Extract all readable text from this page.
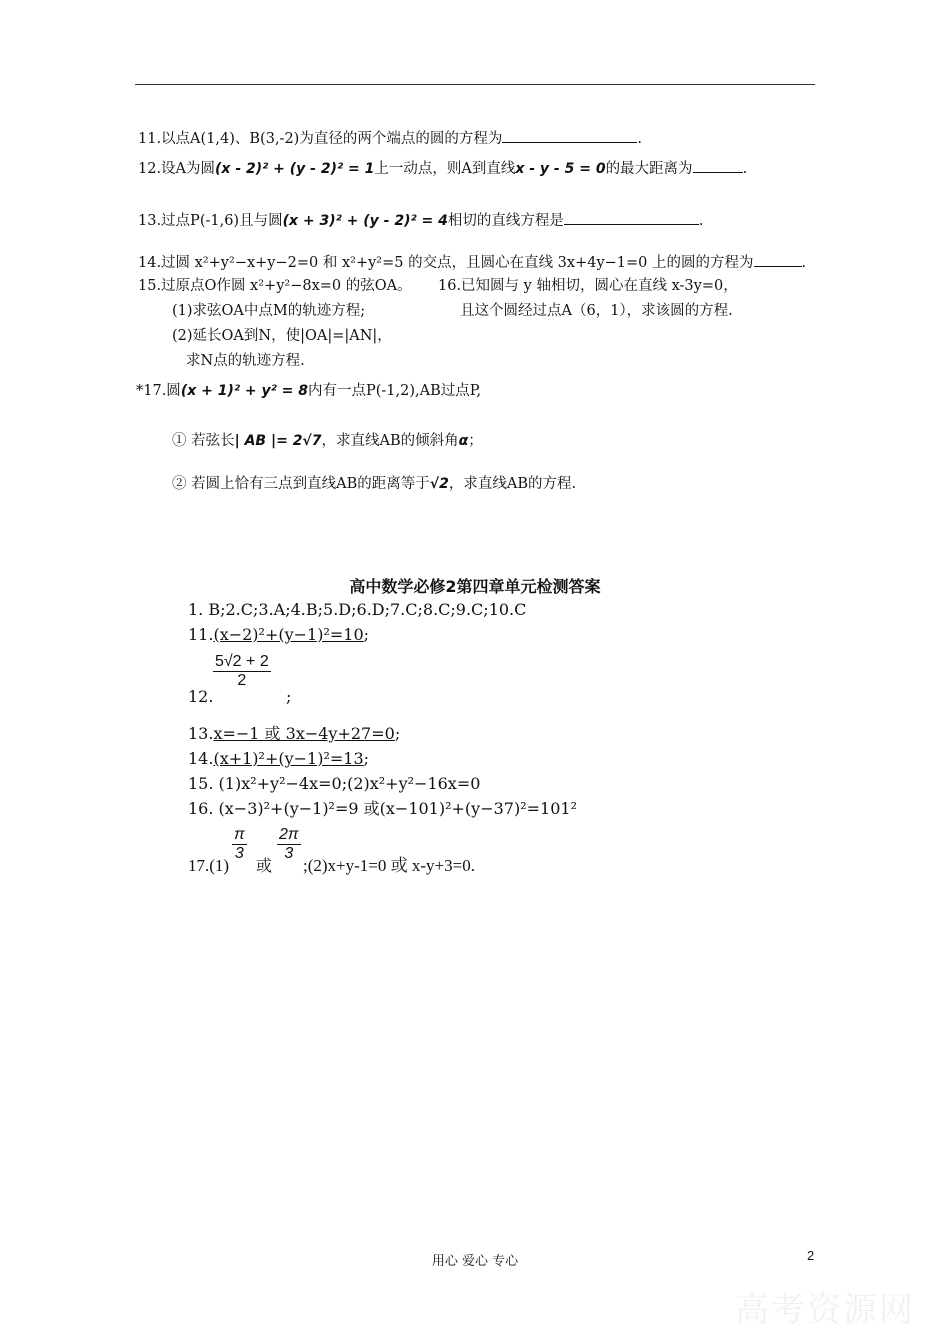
11.以点A(1,4)、B(3,-2)为直径的两个端点的圆的方程为	.
12.设A为圆(x - 2)² + (y - 2)² = 1上一动点，则A到直线x - y - 5 = 0的最大距离为	.
13.过点P(-1,6)且与圆(x + 3)² + (y - 2)² = 4相切的直线方程是	.
14.过圆 x²+y²−x+y−2=0 和 x²+y²=5 的交点，且圆心在直线 3x+4y−1=0 上的圆的方程为	.
15.过原点O作圆 x²+y²−8x=0 的弦OA。 16.已知圆与 y 轴相切，圆心在直线 x-3y=0，
(1)求弦OA中点M的轨迹方程;	且这个圆经过点A（6，1），求该圆的方程.
(2)延长OA到N，使|OA|=|AN|，
求N点的轨迹方程.
*17.圆(x + 1)² + y² = 8内有一点P(-1,2),AB过点P,
① 若弦长| AB |= 2√7，求直线AB的倾斜角α；
② 若圆上恰有三点到直线AB的距离等于√2，求直线AB的方程.
高中数学必修2第四章单元检测答案
1. B;2.C;3.A;4.B;5.D;6.D;7.C;8.C;9.C;10.C
11.(x−2)²+(y−1)²=10;
5√2 + 2
2
12.	;
13.x=−1 或 3x−4y+27=0;
14.(x+1)²+(y−1)²=13;
15. (1)x²+y²−4x=0;(2)x²+y²−16x=0
16. (x−3)²+(y−1)²=9 或(x−101)²+(y−37)²=101²
π
3
2π
3
17.(1) 或 ;(2)x+y-1=0 或 x-y+3=0.
用心 爱心 专心	2
高考资源网
